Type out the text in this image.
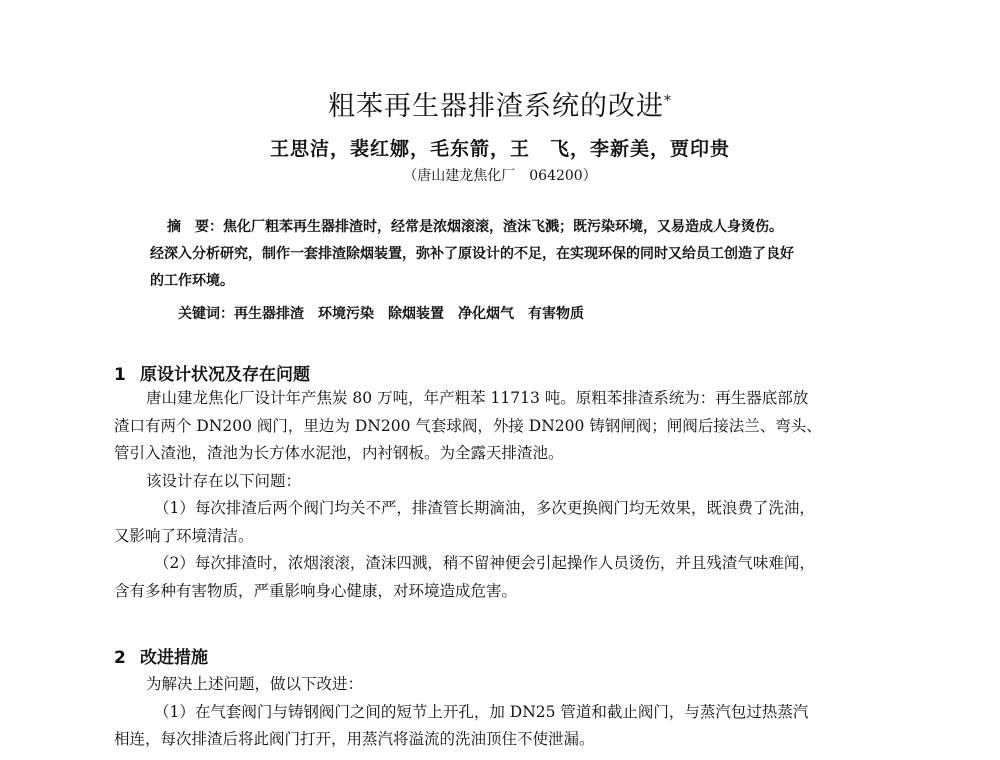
粗苯再生器排渣系统的改进*
王思洁，裴红娜，毛东箭，王　飞，李新美，贾印贵
（唐山建龙焦化厂　064200）
摘　要：焦化厂粗苯再生器排渣时，经常是浓烟滚滚，渣沫飞溅；既污染环境，又易造成人身烫伤。
经深入分析研究，制作一套排渣除烟装置，弥补了原设计的不足，在实现环保的同时又给员工创造了良好
的工作环境。
关键词：再生器排渣 环境污染 除烟装置 净化烟气 有害物质
1 原设计状况及存在问题

唐山建龙焦化厂设计年产焦炭 80 万吨，年产粗苯 11713 吨。原粗苯排渣系统为：再生器底部放

渣口有两个 DN200 阀门，里边为 DN200 气套球阀，外接 DN200 铸钢闸阀；闸阀后接法兰、弯头、

管引入渣池，渣池为长方体水泥池，内衬钢板。为全露天排渣池。

该设计存在以下问题：

（1）每次排渣后两个阀门均关不严，排渣管长期滴油，多次更换阀门均无效果，既浪费了洗油，

又影响了环境清洁。

（2）每次排渣时，浓烟滚滚，渣沫四溅，稍不留神便会引起操作人员烫伤，并且残渣气味难闻，

含有多种有害物质，严重影响身心健康，对环境造成危害。

2 改进措施

为解决上述问题，做以下改进：

（1）在气套阀门与铸钢阀门之间的短节上开孔，加 DN25 管道和截止阀门，与蒸汽包过热蒸汽

相连，每次排渣后将此阀门打开，用蒸汽将溢流的洗油顶住不使泄漏。
